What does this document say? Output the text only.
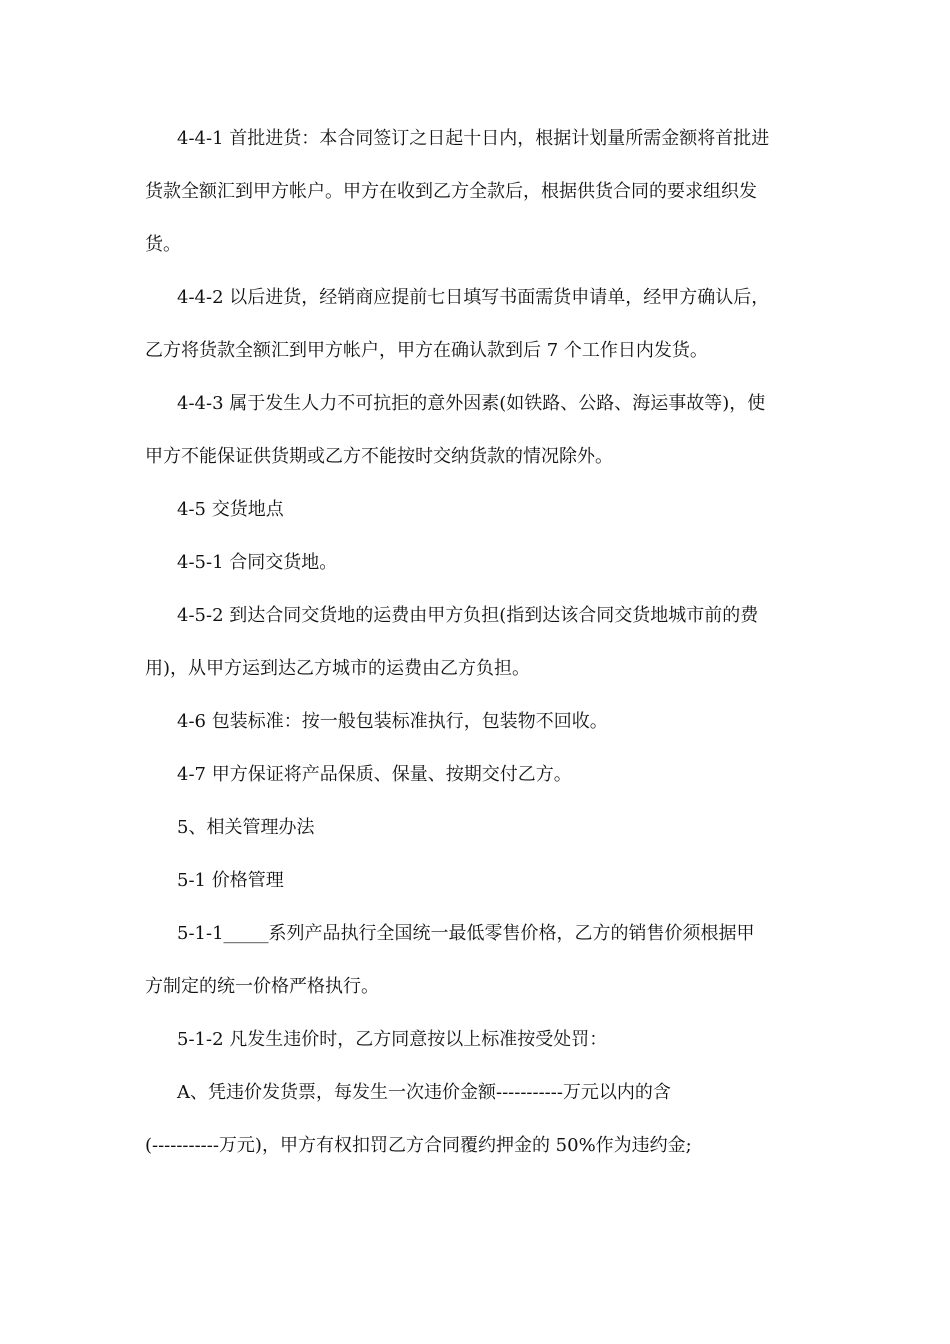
4-4-1 首批进货：本合同签订之日起十日内，根据计划量所需金额将首批进
货款全额汇到甲方帐户。甲方在收到乙方全款后，根据供货合同的要求组织发
货。
4-4-2 以后进货，经销商应提前七日填写书面需货申请单，经甲方确认后，
乙方将货款全额汇到甲方帐户，甲方在确认款到后 7 个工作日内发货。
4-4-3 属于发生人力不可抗拒的意外因素(如铁路、公路、海运事故等)，使
甲方不能保证供货期或乙方不能按时交纳货款的情况除外。
4-5 交货地点
4-5-1 合同交货地。
4-5-2 到达合同交货地的运费由甲方负担(指到达该合同交货地城市前的费
用)，从甲方运到达乙方城市的运费由乙方负担。
4-6 包装标准：按一般包装标准执行，包装物不回收。
4-7 甲方保证将产品保质、保量、按期交付乙方。
5、相关管理办法
5-1 价格管理
5-1-1_____系列产品执行全国统一最低零售价格，乙方的销售价须根据甲
方制定的统一价格严格执行。
5-1-2 凡发生违价时，乙方同意按以上标准按受处罚：
A、凭违价发货票，每发生一次违价金额-----------万元以内的含
(-----------万元)，甲方有权扣罚乙方合同覆约押金的 50%作为违约金;
